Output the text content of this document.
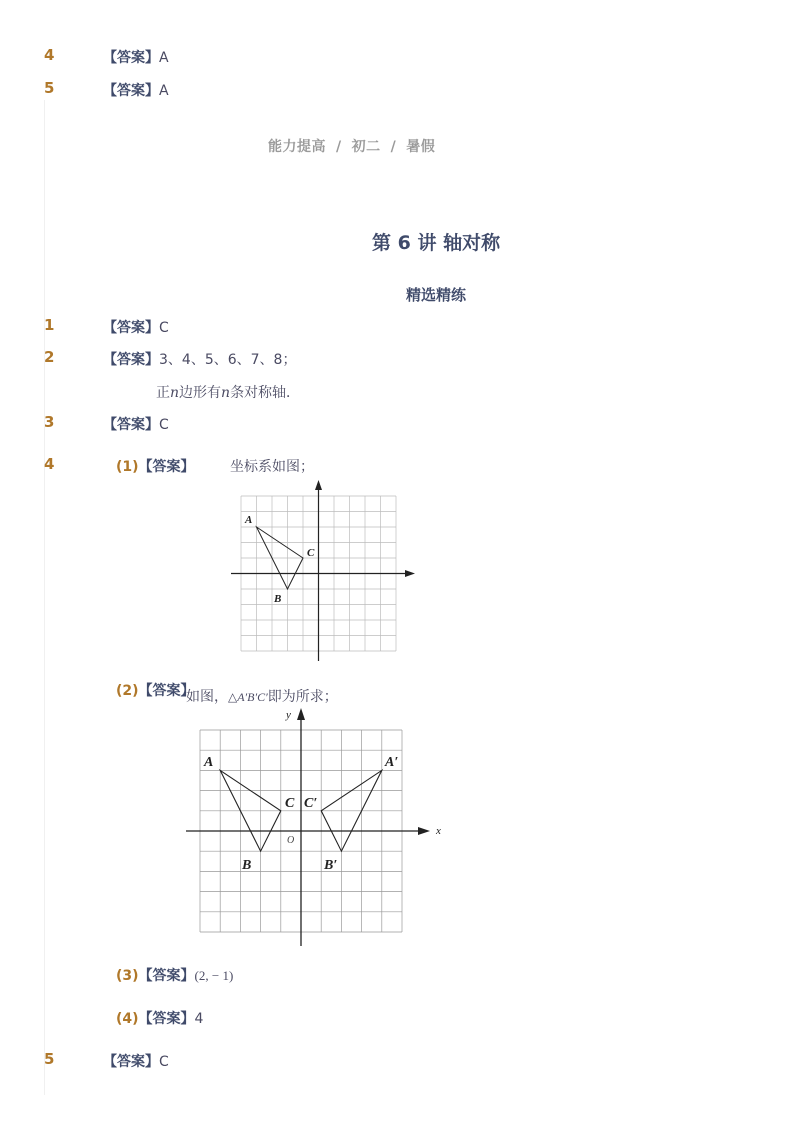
4	【答案】A
5	【答案】A
能力提高 / 初二 / 暑假
第 6 讲 轴对称
精选精练
1	【答案】C
2	【答案】3、4、5、6、7、8；
正n边形有n条对称轴．
3	【答案】C
4	(1)【答案】	坐标系如图；
A
C
B
(2)【答案】
如图，△A′B′C′即为所求；
x
y
O
A
B
C
A′
B′
C′
(3)【答案】(2, − 1)
(4)【答案】4
5	【答案】C
